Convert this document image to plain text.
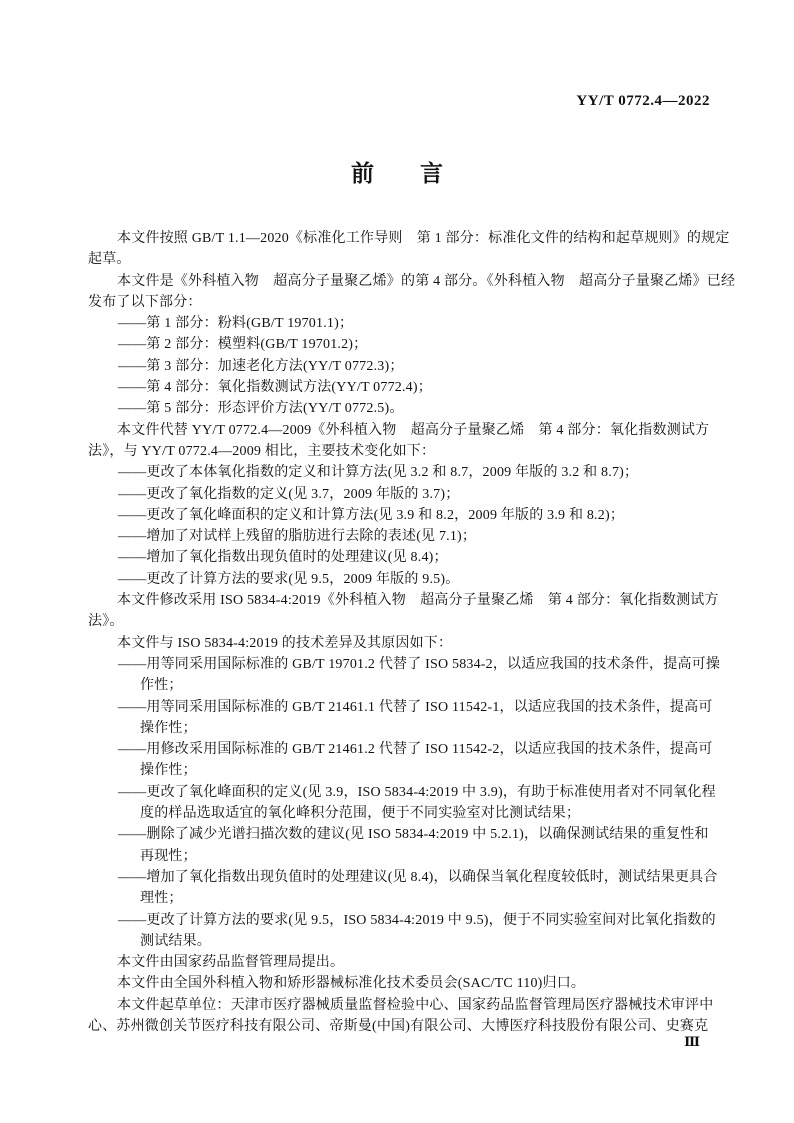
YY/T 0772.4—2022
前　　言
本文件按照 GB/T 1.1—2020《标准化工作导则　第 1 部分：标准化文件的结构和起草规则》的规定
起草。
本文件是《外科植入物　超高分子量聚乙烯》的第 4 部分。《外科植入物　超高分子量聚乙烯》已经
发布了以下部分：
——第 1 部分：粉料(GB/T 19701.1)；
——第 2 部分：模塑料(GB/T 19701.2)；
——第 3 部分：加速老化方法(YY/T 0772.3)；
——第 4 部分：氧化指数测试方法(YY/T 0772.4)；
——第 5 部分：形态评价方法(YY/T 0772.5)。
本文件代替 YY/T 0772.4—2009《外科植入物　超高分子量聚乙烯　第 4 部分：氧化指数测试方
法》，与 YY/T 0772.4—2009 相比，主要技术变化如下：
——更改了本体氧化指数的定义和计算方法(见 3.2 和 8.7，2009 年版的 3.2 和 8.7)；
——更改了氧化指数的定义(见 3.7，2009 年版的 3.7)；
——更改了氧化峰面积的定义和计算方法(见 3.9 和 8.2，2009 年版的 3.9 和 8.2)；
——增加了对试样上残留的脂肪进行去除的表述(见 7.1)；
——增加了氧化指数出现负值时的处理建议(见 8.4)；
——更改了计算方法的要求(见 9.5，2009 年版的 9.5)。
本文件修改采用 ISO 5834-4:2019《外科植入物　超高分子量聚乙烯　第 4 部分：氧化指数测试方
法》。
本文件与 ISO 5834-4:2019 的技术差异及其原因如下：
——用等同采用国际标准的 GB/T 19701.2 代替了 ISO 5834-2，以适应我国的技术条件，提高可操
作性；
——用等同采用国际标准的 GB/T 21461.1 代替了 ISO 11542-1，以适应我国的技术条件，提高可
操作性；
——用修改采用国际标准的 GB/T 21461.2 代替了 ISO 11542-2，以适应我国的技术条件，提高可
操作性；
——更改了氧化峰面积的定义(见 3.9，ISO 5834-4:2019 中 3.9)，有助于标准使用者对不同氧化程
度的样品选取适宜的氧化峰积分范围，便于不同实验室对比测试结果；
——删除了减少光谱扫描次数的建议(见 ISO 5834-4:2019 中 5.2.1)，以确保测试结果的重复性和
再现性；
——增加了氧化指数出现负值时的处理建议(见 8.4)，以确保当氧化程度较低时，测试结果更具合
理性；
——更改了计算方法的要求(见 9.5，ISO 5834-4:2019 中 9.5)，便于不同实验室间对比氧化指数的
测试结果。
本文件由国家药品监督管理局提出。
本文件由全国外科植入物和矫形器械标准化技术委员会(SAC/TC 110)归口。
本文件起草单位：天津市医疗器械质量监督检验中心、国家药品监督管理局医疗器械技术审评中
心、苏州微创关节医疗科技有限公司、帝斯曼(中国)有限公司、大博医疗科技股份有限公司、史赛克
Ⅲ
